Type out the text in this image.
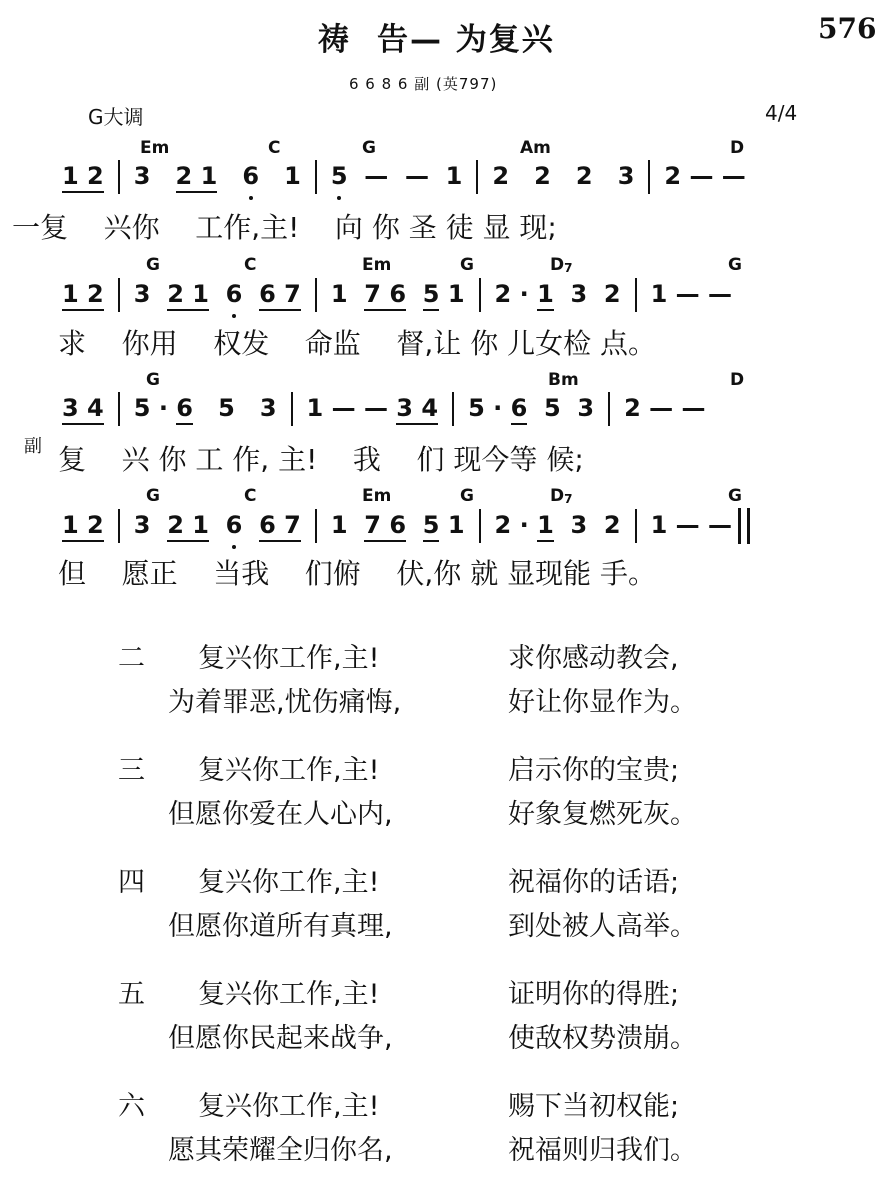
祷 告— 为复兴	576
6 6 8 6 副 (英797)
G大调	4/4
Em	C	G	Am	D
1 2 3   2 1 6   1 5  —  —  1 2   2   2   3 2 — —
一复    兴你    工作,主!    向 你 圣 徒 显 现;
G	C	Em	G	$D_7$	G
1 2 3  2 1 6 6 7 1  7 6 5 1 2 · 1  3  2 1 — —
求    你用    权发    命监    督,让 你 儿女检 点。
G	Bm	D
3 4 5 · 6   5   3 1 — — 3 4 5 · 6  5  3 2 — —
副 复    兴 你 工 作, 主!    我    们 现今等 候;
G	C	Em	G	$D_7$	G
1 2 3  2 1 6 6 7 1  7 6 5 1 2 · 1  3  2 1 — —
但    愿正    当我    们俯    伏,你 就 显现能 手。
二 复兴你工作,主!	求你感动教会,
为着罪恶,忧伤痛悔,	好让你显作为。
三 复兴你工作,主!	启示你的宝贵;
但愿你爱在人心内,	好象复燃死灰。
四 复兴你工作,主!	祝福你的话语;
但愿你道所有真理,	到处被人高举。
五 复兴你工作,主!	证明你的得胜;
但愿你民起来战争,	使敌权势溃崩。
六 复兴你工作,主!	赐下当初权能;
愿其荣耀全归你名,	祝福则归我们。
